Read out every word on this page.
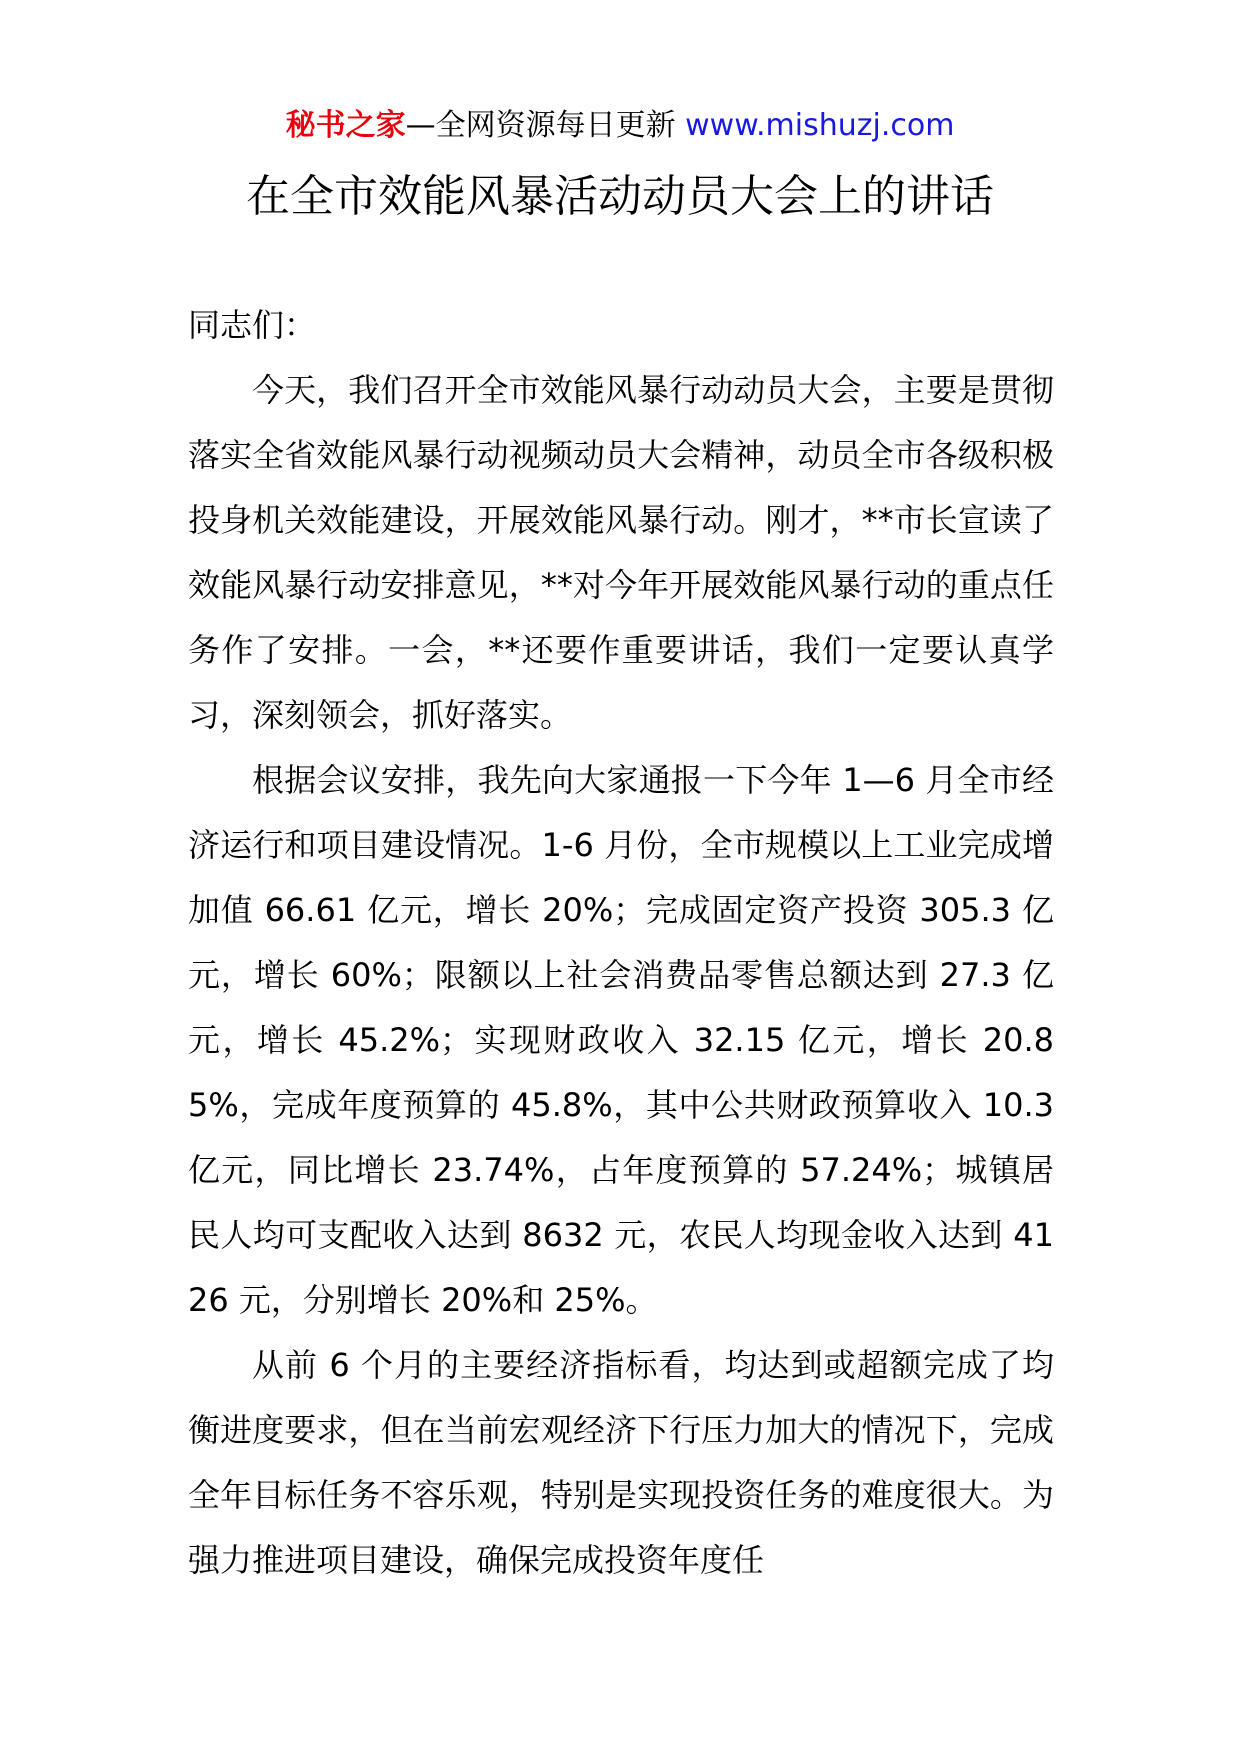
秘书之家—全网资源每日更新 www.mishuzj.com
在全市效能风暴活动动员大会上的讲话

同志们：

今天，我们召开全市效能风暴行动动员大会，主要是贯彻落实全省效能风暴行动视频动员大会精神，动员全市各级积极投身机关效能建设，开展效能风暴行动。刚才，**市长宣读了效能风暴行动安排意见，**对今年开展效能风暴行动的重点任务作了安排。一会，**还要作重要讲话，我们一定要认真学习，深刻领会，抓好落实。

根据会议安排，我先向大家通报一下今年 1—6 月全市经济运行和项目建设情况。1-6 月份，全市规模以上工业完成增加值 66.61 亿元，增长 20%；完成固定资产投资 305.3 亿元，增长 60%；限额以上社会消费品零售总额达到 27.3 亿元，增长 45.2%；实现财政收入 32.15 亿元，增长 20.85%，完成年度预算的 45.8%，其中公共财政预算收入 10.3 亿元，同比增长 23.74%，占年度预算的 57.24%；城镇居民人均可支配收入达到 8632 元，农民人均现金收入达到 4126 元，分别增长 20%和 25%。

从前 6 个月的主要经济指标看，均达到或超额完成了均衡进度要求，但在当前宏观经济下行压力加大的情况下，完成全年目标任务不容乐观，特别是实现投资任务的难度很大。为强力推进项目建设，确保完成投资年度任
